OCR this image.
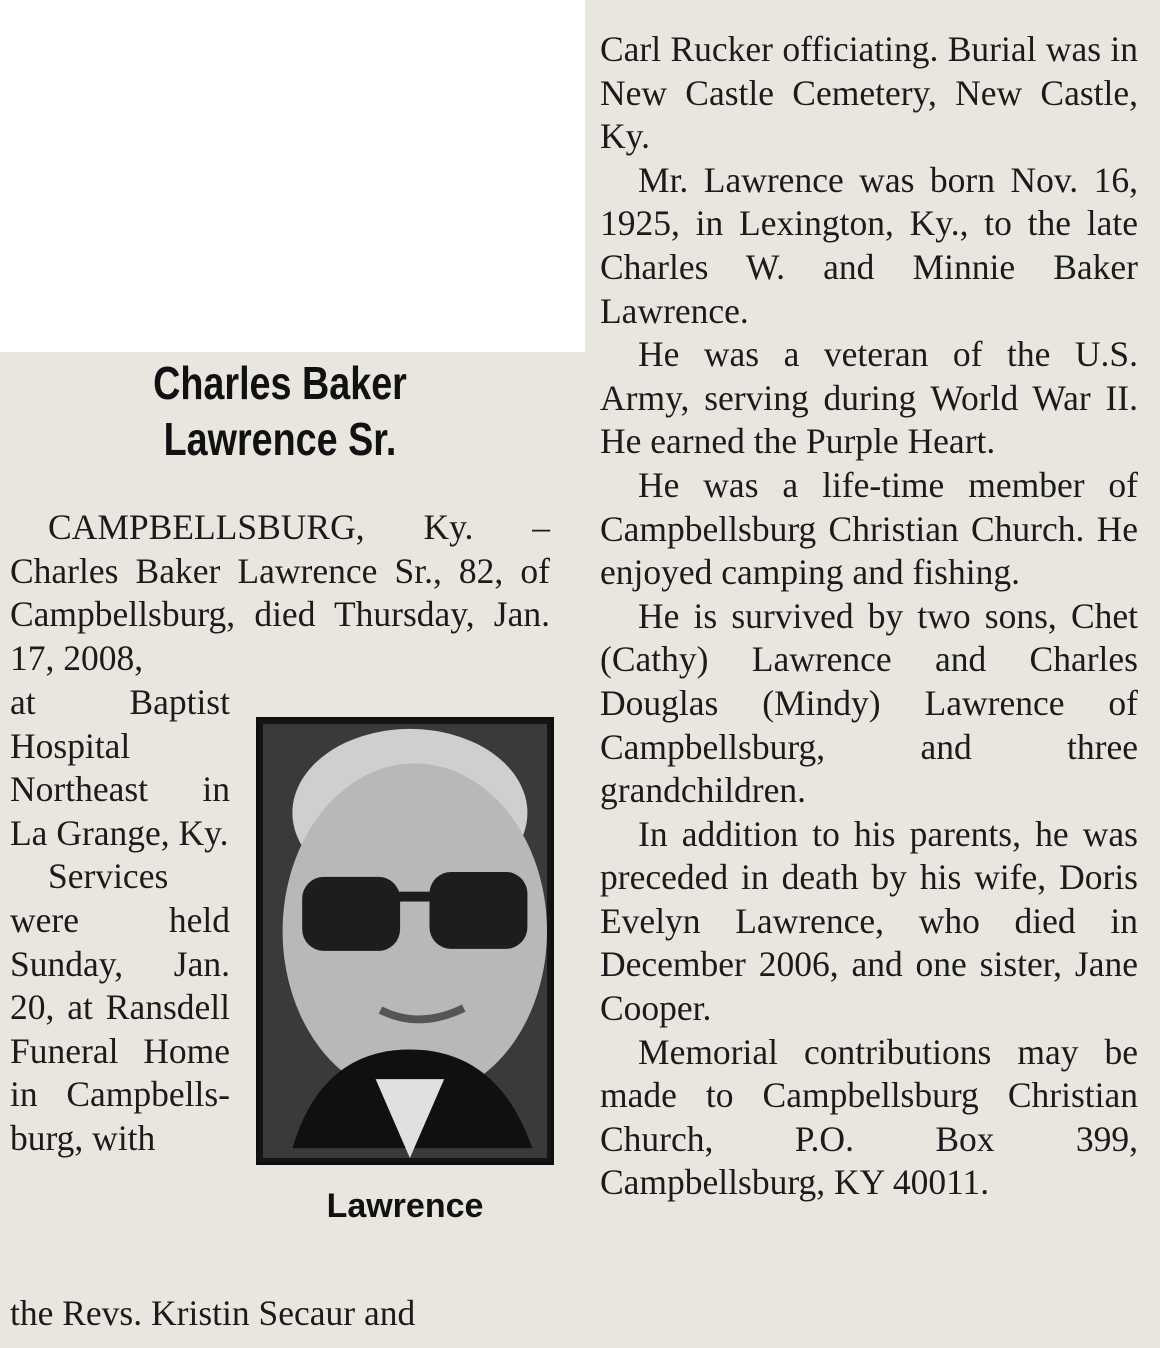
Charles Baker
Lawrence Sr.

CAMPBELLSBURG, Ky. – Charles Baker Lawrence Sr., 82, of Campbellsburg, died Thursday, Jan. 17, 2008,

at Baptist Hospital Northeast in La Grange, Ky.

Services were held Sunday, Jan. 20, at Ransdell Funeral Home in Campbells-burg, with

the Revs. Kristin Secaur and

Lawrence

Carl Rucker officiating. Burial was in New Castle Cemetery, New Castle, Ky.

Mr. Lawrence was born Nov. 16, 1925, in Lexington, Ky., to the late Charles W. and Minnie Baker Lawrence.

He was a veteran of the U.S. Army, serving during World War II. He earned the Purple Heart.

He was a life-time member of Campbellsburg Christian Church. He enjoyed camping and fishing.

He is survived by two sons, Chet (Cathy) Lawrence and Charles Douglas (Mindy) Lawrence of Campbellsburg, and three grandchildren.

In addition to his parents, he was preceded in death by his wife, Doris Evelyn Lawrence, who died in December 2006, and one sister, Jane Cooper.

Memorial contributions may be made to Campbellsburg Christian Church, P.O. Box 399, Campbellsburg, KY 40011.
